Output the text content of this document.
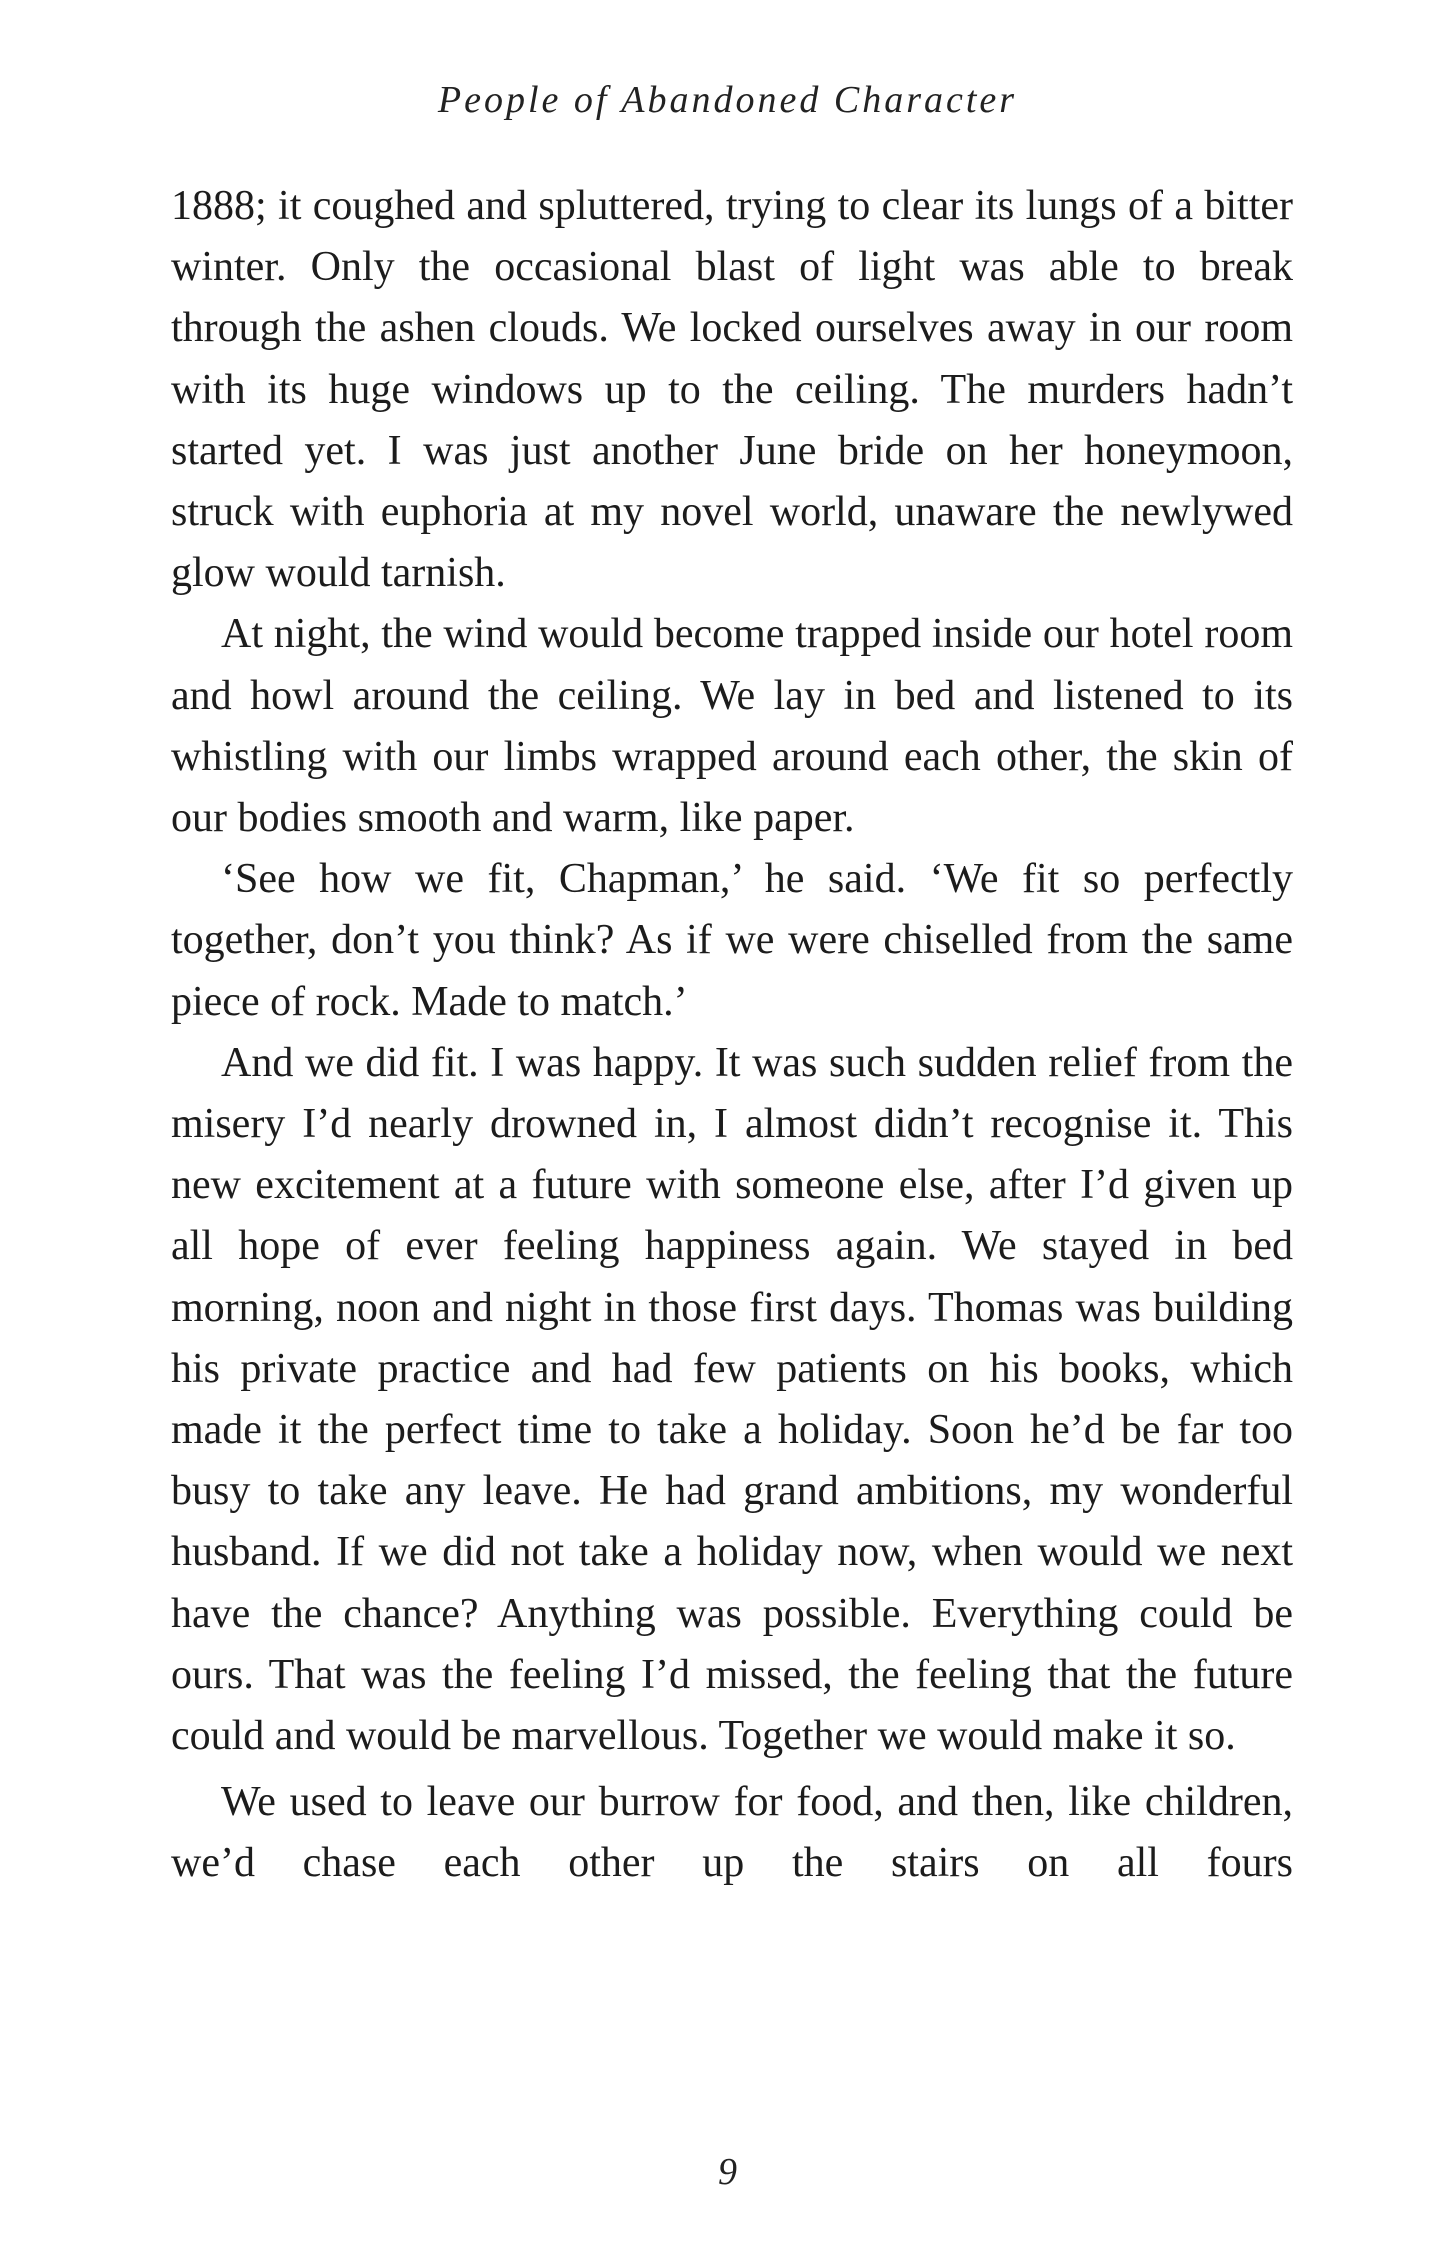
People of Abandoned Character

1888; it coughed and spluttered, trying to clear its lungs of a bitter winter. Only the occasional blast of light was able to break through the ashen clouds. We locked ourselves away in our room with its huge windows up to the ceiling. The murders hadn’t started yet. I was just another June bride on her honeymoon, struck with euphoria at my novel world, unaware the newlywed glow would tarnish.

At night, the wind would become trapped inside our hotel room and howl around the ceiling. We lay in bed and listened to its whistling with our limbs wrapped around each other, the skin of our bodies smooth and warm, like paper.

‘See how we fit, Chapman,’ he said. ‘We fit so perfectly together, don’t you think? As if we were chiselled from the same piece of rock. Made to match.’

And we did fit. I was happy. It was such sudden relief from the misery I’d nearly drowned in, I almost didn’t recognise it. This new excitement at a future with someone else, after I’d given up all hope of ever feeling happiness again. We stayed in bed morning, noon and night in those first days. Thomas was building his private practice and had few patients on his books, which made it the perfect time to take a holiday. Soon he’d be far too busy to take any leave. He had grand ambitions, my wonderful husband. If we did not take a holiday now, when would we next have the chance? Anything was possible. Everything could be ours. That was the feeling I’d missed, the feeling that the future could and would be marvellous. Together we would make it so.

We used to leave our burrow for food, and then, like children, we’d chase each other up the stairs on all fours

9
